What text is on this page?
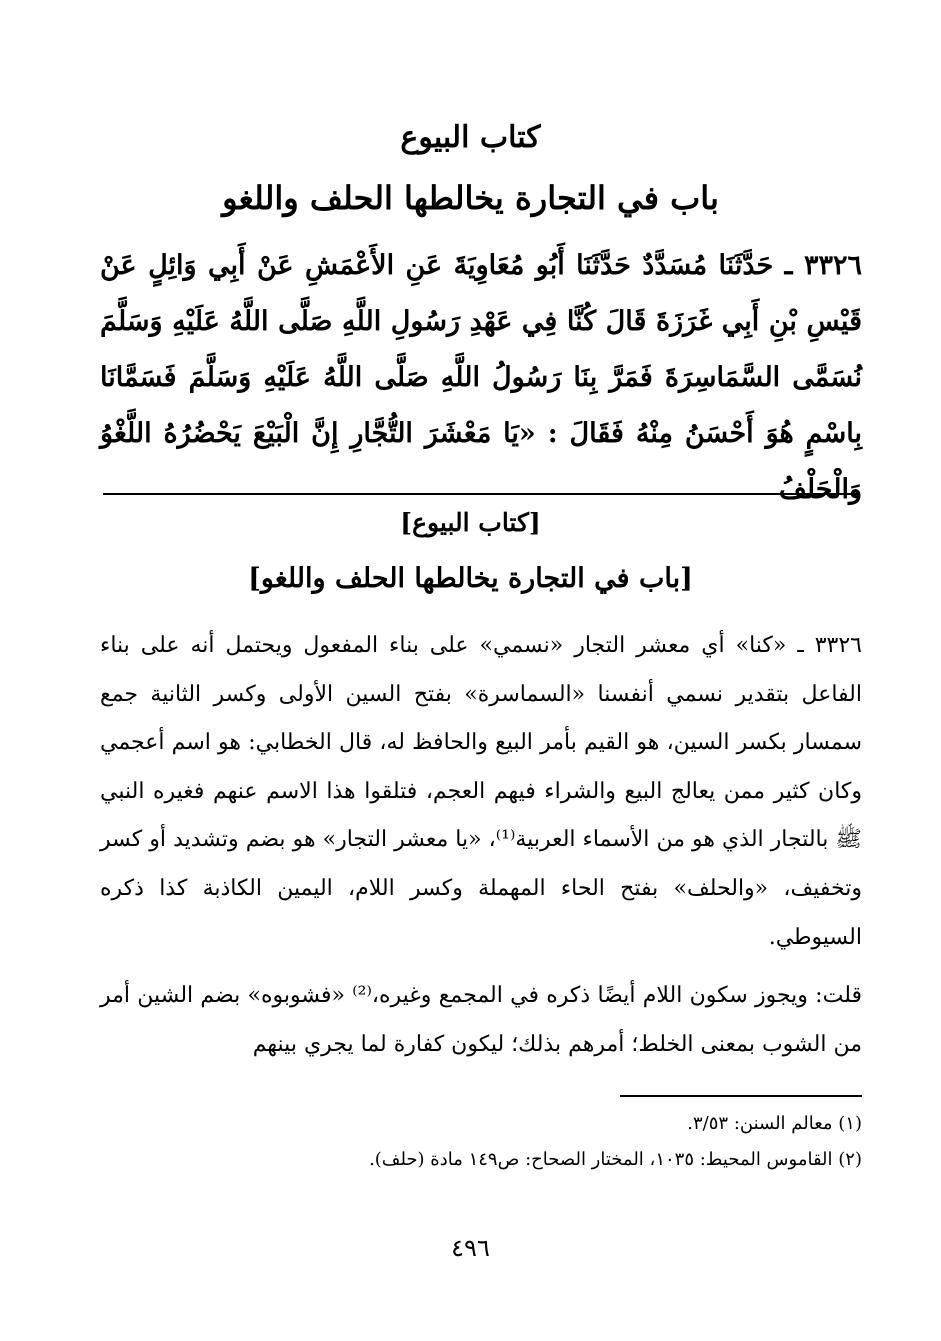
كتاب البيوع
باب في التجارة يخالطها الحلف واللغو
٣٣٢٦ ـ حَدَّثَنَا مُسَدَّدٌ حَدَّثَنَا أَبُو مُعَاوِيَةَ عَنِ الأَعْمَشِ عَنْ أَبِي وَائِلٍ عَنْ قَيْسِ بْنِ أَبِي غَرَزَةَ قَالَ كُنَّا فِي عَهْدِ رَسُولِ اللَّهِ صَلَّى اللَّهُ عَلَيْهِ وَسَلَّمَ نُسَمَّى السَّمَاسِرَةَ فَمَرَّ بِنَا رَسُولُ اللَّهِ صَلَّى اللَّهُ عَلَيْهِ وَسَلَّمَ فَسَمَّانَا بِاسْمٍ هُوَ أَحْسَنُ مِنْهُ فَقَالَ : «يَا مَعْشَرَ التُّجَّارِ إِنَّ الْبَيْعَ يَحْضُرُهُ اللَّغْوُ وَالْحَلْفُ
[كتاب البيوع]
[باب في التجارة يخالطها الحلف واللغو]

٣٣٢٦ ـ «كنا» أي معشر التجار «نسمي» على بناء المفعول ويحتمل أنه على بناء الفاعل بتقدير نسمي أنفسنا «السماسرة» بفتح السين الأولى وكسر الثانية جمع سمسار بكسر السين، هو القيم بأمر البيع والحافظ له، قال الخطابي: هو اسم أعجمي وكان كثير ممن يعالج البيع والشراء فيهم العجم، فتلقوا هذا الاسم عنهم فغيره النبي ﷺ بالتجار الذي هو من الأسماء العربية⁽¹⁾، «يا معشر التجار» هو بضم وتشديد أو كسر وتخفيف، «والحلف» بفتح الحاء المهملة وكسر اللام، اليمين الكاذبة كذا ذكره السيوطي.

قلت: ويجوز سكون اللام أيضًا ذكره في المجمع وغيره،⁽²⁾ «فشوبوه» بضم الشين أمر من الشوب بمعنى الخلط؛ أمرهم بذلك؛ ليكون كفارة لما يجري بينهم

(١) معالم السنن: ٣/٥٣.
(٢) القاموس المحيط: ١٠٣٥، المختار الصحاح: ص١٤٩ مادة (حلف).
٤٩٦
